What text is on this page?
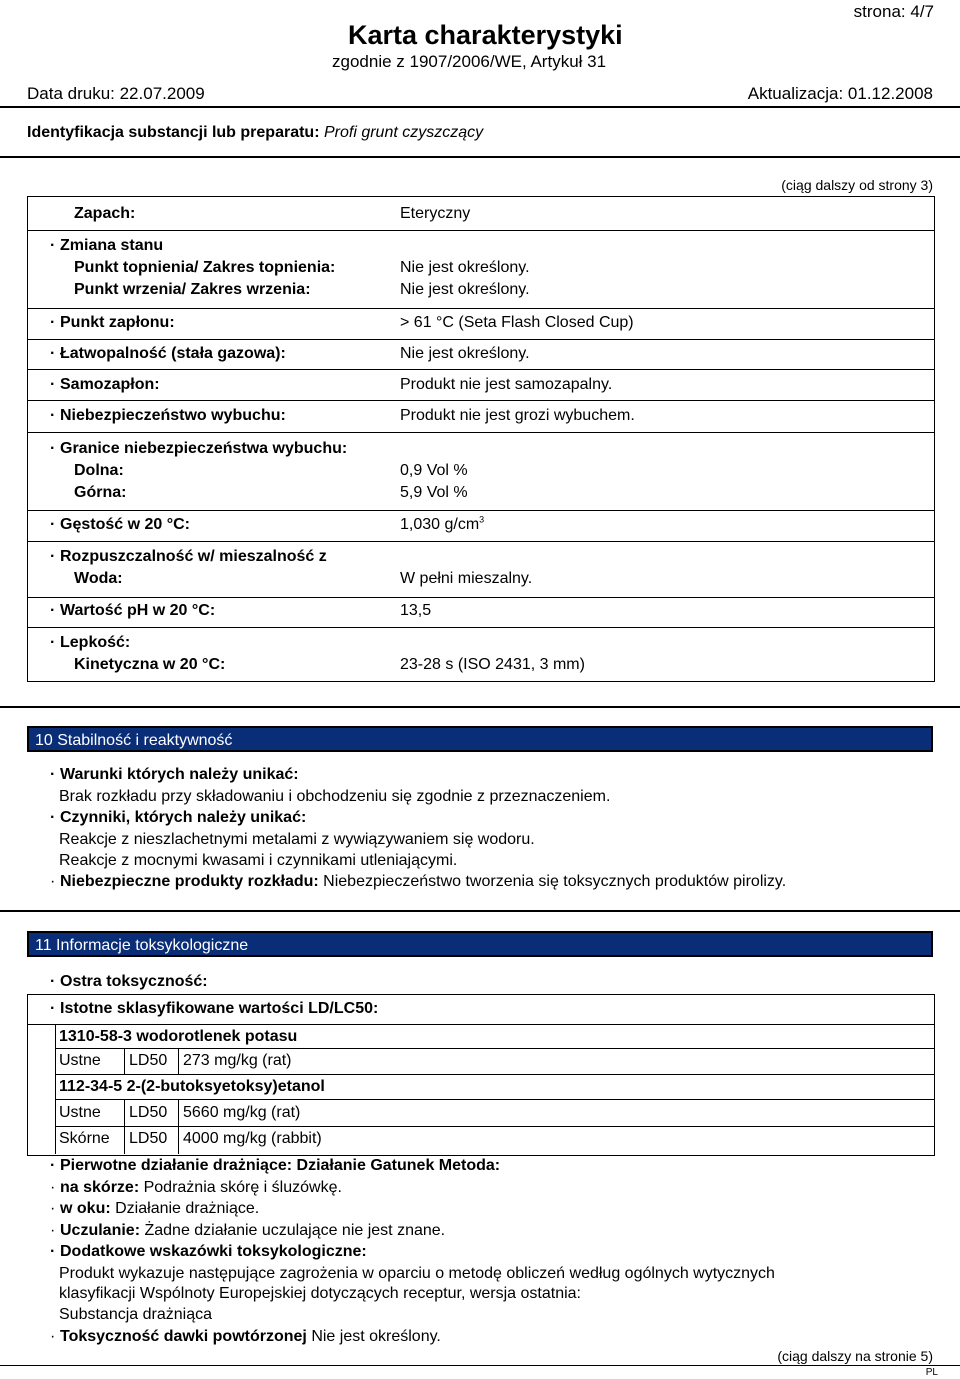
strona: 4/7
Karta charakterystyki
zgodnie z 1907/2006/WE, Artykuł 31
Data druku: 22.07.2009	Aktualizacja: 01.12.2008
Identyfikacja substancji lub preparatu: Profi grunt czyszczący
(ciąg dalszy od strony 3)
Zapach:	Eteryczny
· Zmiana stanu
Punkt topnienia/ Zakres topnienia:	Nie jest określony.
Punkt wrzenia/ Zakres wrzenia:	Nie jest określony.
· Punkt zapłonu:	> 61 °C (Seta Flash Closed Cup)
· Łatwopalność (stała gazowa):	Nie jest określony.
· Samozapłon:	Produkt nie jest samozapalny.
· Niebezpieczeństwo wybuchu:	Produkt nie jest grozi wybuchem.
· Granice niebezpieczeństwa wybuchu:
Dolna:	0,9 Vol %
Górna:	5,9 Vol %
· Gęstość w 20 °C:	1,030 $g/cm^3$
· Rozpuszczalność w/ mieszalność z
Woda:	W pełni mieszalny.
· Wartość pH w 20 °C:	13,5
· Lepkość:
Kinetyczna w 20 °C:	23-28 s (ISO 2431, 3 mm)
10 Stabilność i reaktywność
· Warunki których należy unikać:
Brak rozkładu przy składowaniu i obchodzeniu się zgodnie z przeznaczeniem.
· Czynniki, których należy unikać:
Reakcje z nieszlachetnymi metalami z wywiązywaniem się wodoru.
Reakcje z mocnymi kwasami i czynnikami utleniającymi.
· Niebezpieczne produkty rozkładu: Niebezpieczeństwo tworzenia się toksycznych produktów pirolizy.
11 Informacje toksykologiczne
· Ostra toksyczność:
· Istotne sklasyfikowane wartości LD/LC50:
1310-58-3 wodorotlenek potasu
Ustne LD50 273 mg/kg (rat)
112-34-5 2-(2-butoksyetoksy)etanol
Ustne LD50 5660 mg/kg (rat)
Skórne LD50 4000 mg/kg (rabbit)
· Pierwotne działanie drażniące: Działanie Gatunek Metoda:
· na skórze: Podrażnia skórę i śluzówkę.
· w oku: Działanie drażniące.
· Uczulanie: Żadne działanie uczulające nie jest znane.
· Dodatkowe wskazówki toksykologiczne:
Produkt wykazuje następujące zagrożenia w oparciu o metodę obliczeń według ogólnych wytycznych
klasyfikacji Wspólnoty Europejskiej dotyczących receptur, wersja ostatnia:
Substancja drażniąca
· Toksyczność dawki powtórzonej Nie jest określony.
(ciąg dalszy na stronie 5)
PL
